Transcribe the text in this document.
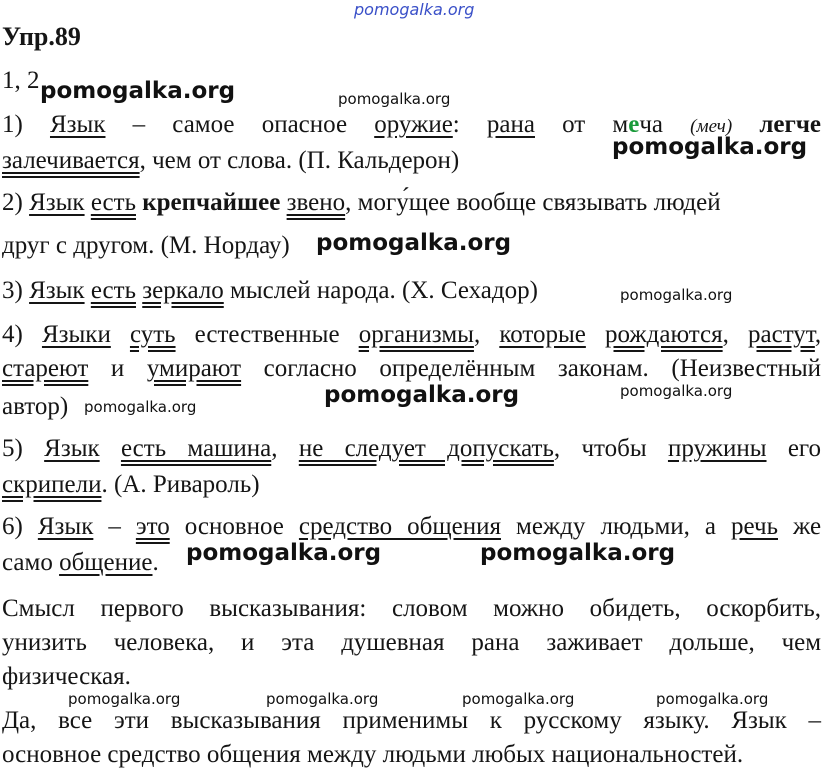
pomogalka.org
pomogalka.org	pomogalka.org
pomogalka.org
pomogalka.org
pomogalka.org
pomogalka.org
pomogalka.org	pomogalka.org
pomogalka.org	pomogalka.org
pomogalka.org	pomogalka.org	pomogalka.org	pomogalka.org
Упр.89
1, 2
1) Язык – самое опасное оружие: рана от меча (меч) легче
залечивается, чем от слова. (П. Кальдерон)
2) Язык есть крепчайшее звено, могу́щее вообще связывать людей
друг с другом. (М. Нордау)
3) Язык есть зеркало мыслей народа. (Х. Сехадор)
4) Языки суть естественные организмы, которые рождаются, растут,
стареют и умирают согласно определённым законам. (Неизвестный
автор)
5) Язык есть машина, не следует допускать, чтобы пружины его
скрипели. (А. Ривароль)
6) Язык – это основное средство общения между людьми, а речь же
само общение.
Смысл первого высказывания: словом можно обидеть, оскорбить,
унизить человека, и эта душевная рана заживает дольше, чем
физическая.
Да, все эти высказывания применимы к русскому языку. Язык –
основное средство общения между людьми любых национальностей.
